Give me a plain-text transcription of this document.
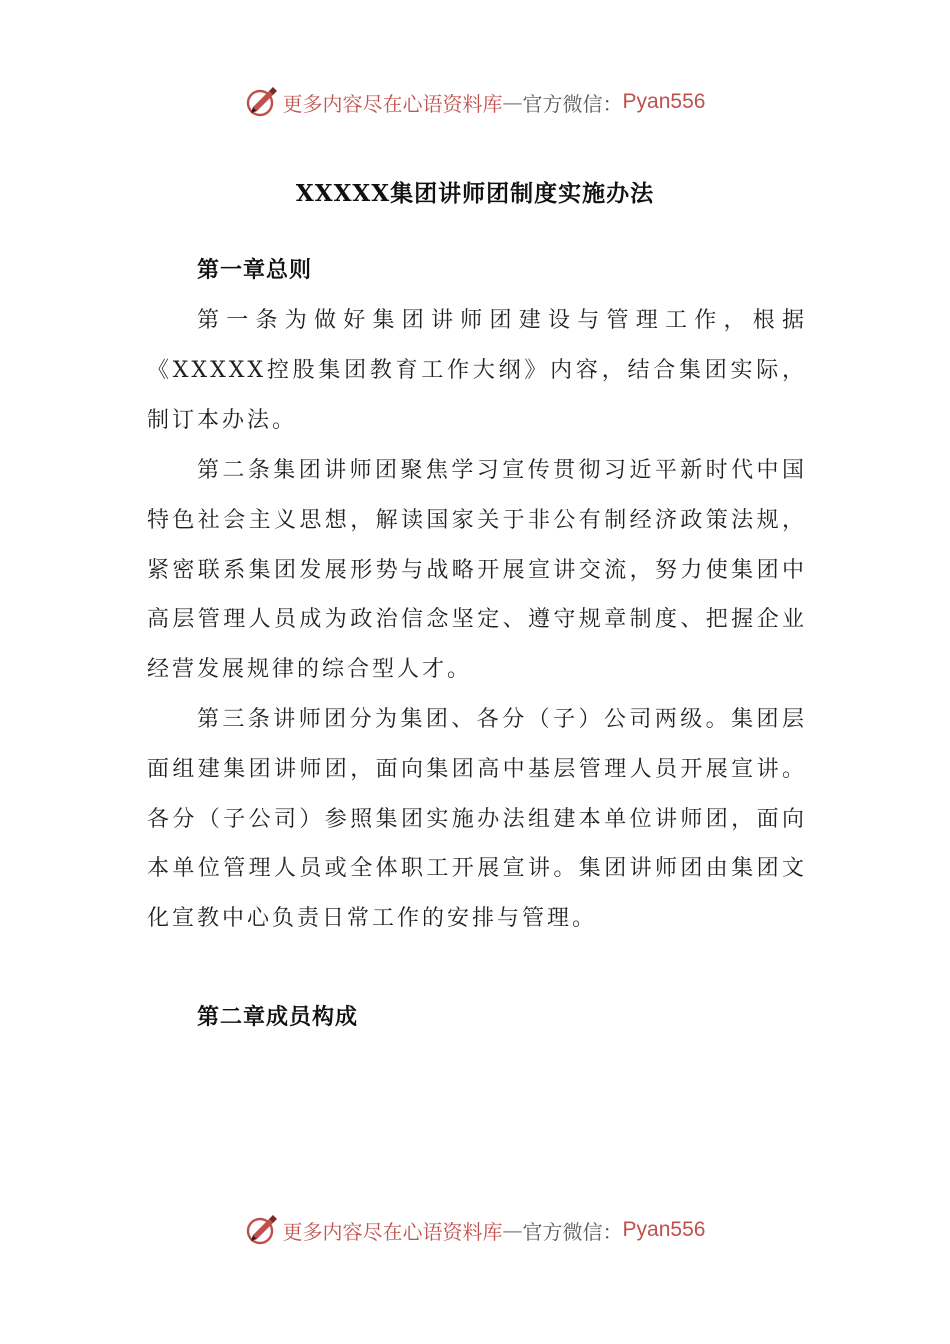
更多内容尽在心语资料库 — 官方微信： Pyan556
XXXXX集团讲师团制度实施办法
第一章总则
第一条为做好集团讲师团建设与管理工作，根据《XXXXX控股集团教育工作大纲》内容，结合集团实际，制订本办法。
第二条集团讲师团聚焦学习宣传贯彻习近平新时代中国特色社会主义思想，解读国家关于非公有制经济政策法规，紧密联系集团发展形势与战略开展宣讲交流，努力使集团中高层管理人员成为政治信念坚定、遵守规章制度、把握企业经营发展规律的综合型人才。
第三条讲师团分为集团、各分（子）公司两级。集团层面组建集团讲师团，面向集团高中基层管理人员开展宣讲。各分（子公司）参照集团实施办法组建本单位讲师团，面向本单位管理人员或全体职工开展宣讲。集团讲师团由集团文化宣教中心负责日常工作的安排与管理。
第二章成员构成
更多内容尽在心语资料库 — 官方微信： Pyan556
